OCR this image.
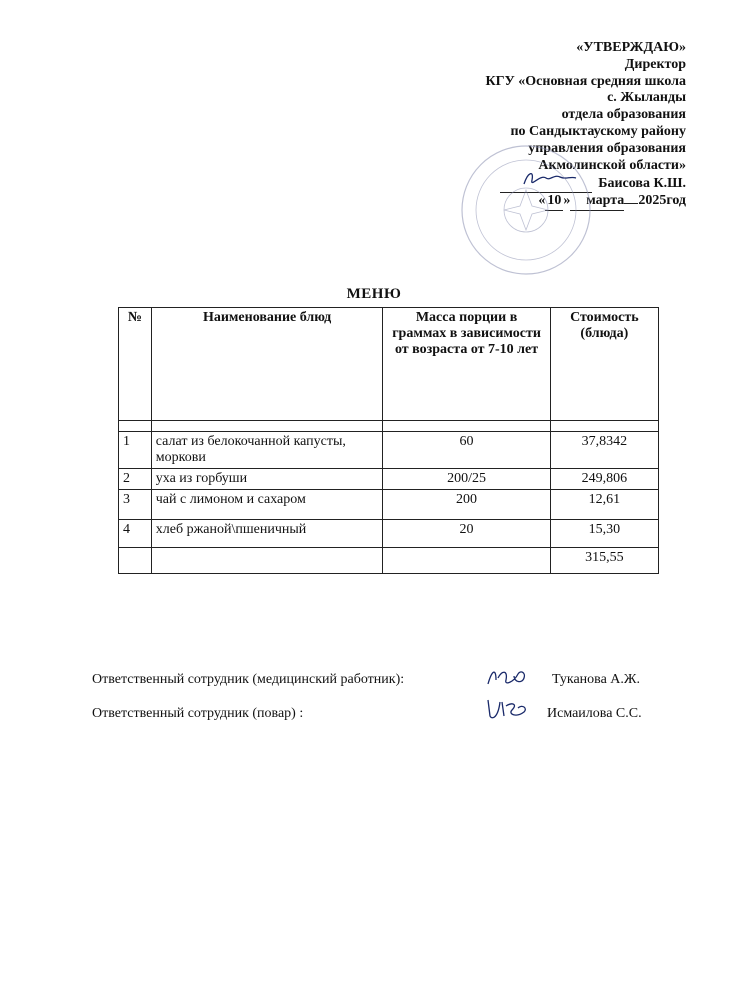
«УТВЕРЖДАЮ»
Директор
КГУ «Основная средняя школа
с. Жыланды
отдела образования
по Сандыктаускому району
управления образования
Акмолинской области»
Баисова К.Ш.
« 10 » марта 2025год
МЕНЮ
№	Наименование блюд	Масса порции в граммах в зависимости от возраста от 7-10 лет	Стоимость (блюда)

1	салат из белокочанной капусты, моркови	60	37,8342
2	уха из горбуши	200/25	249,806
3	чай с лимоном и сахаром	200	12,61
4	хлеб ржаной\пшеничный	20	15,30
			315,55
Ответственный сотрудник (медицинский работник):	Туканова А.Ж.
Ответственный сотрудник (повар) :	Исмаилова С.С.
